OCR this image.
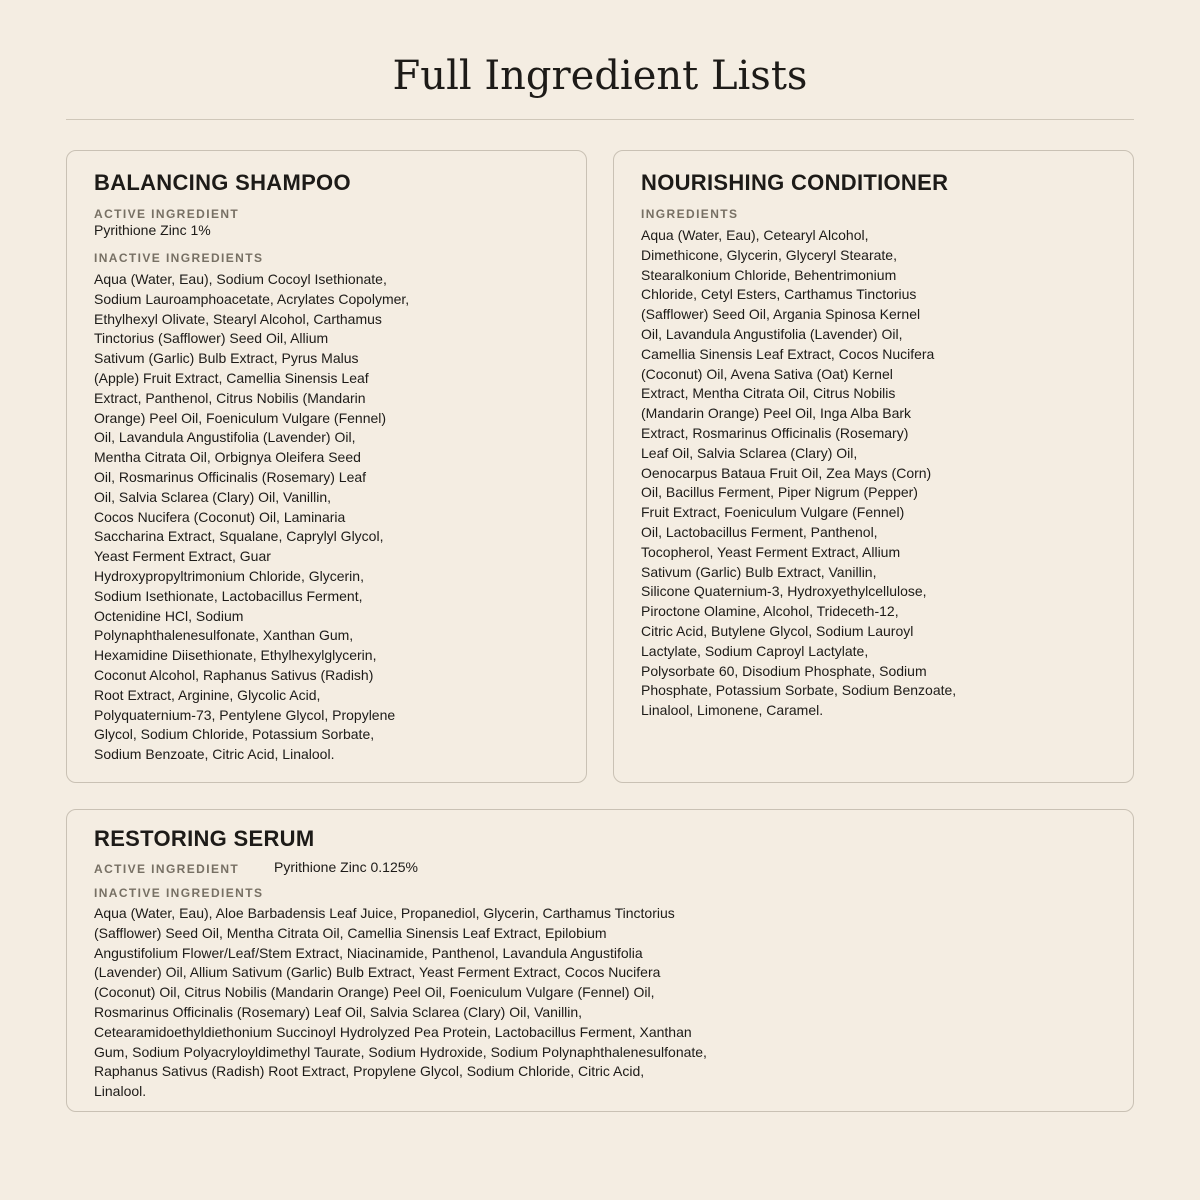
Full Ingredient Lists
BALANCING SHAMPOO
ACTIVE INGREDIENT
Pyrithione Zinc 1%
INACTIVE INGREDIENTS
Aqua (Water, Eau), Sodium Cocoyl Isethionate,
Sodium Lauroamphoacetate, Acrylates Copolymer,
Ethylhexyl Olivate, Stearyl Alcohol, Carthamus
Tinctorius (Safflower) Seed Oil, Allium
Sativum (Garlic) Bulb Extract, Pyrus Malus
(Apple) Fruit Extract, Camellia Sinensis Leaf
Extract, Panthenol, Citrus Nobilis (Mandarin
Orange) Peel Oil, Foeniculum Vulgare (Fennel)
Oil, Lavandula Angustifolia (Lavender) Oil,
Mentha Citrata Oil, Orbignya Oleifera Seed
Oil, Rosmarinus Officinalis (Rosemary) Leaf
Oil, Salvia Sclarea (Clary) Oil, Vanillin,
Cocos Nucifera (Coconut) Oil, Laminaria
Saccharina Extract, Squalane, Caprylyl Glycol,
Yeast Ferment Extract, Guar
Hydroxypropyltrimonium Chloride, Glycerin,
Sodium Isethionate, Lactobacillus Ferment,
Octenidine HCl, Sodium
Polynaphthalenesulfonate, Xanthan Gum,
Hexamidine Diisethionate, Ethylhexylglycerin,
Coconut Alcohol, Raphanus Sativus (Radish)
Root Extract, Arginine, Glycolic Acid,
Polyquaternium-73, Pentylene Glycol, Propylene
Glycol, Sodium Chloride, Potassium Sorbate,
Sodium Benzoate, Citric Acid, Linalool.
NOURISHING CONDITIONER
INGREDIENTS
Aqua (Water, Eau), Cetearyl Alcohol,
Dimethicone, Glycerin, Glyceryl Stearate,
Stearalkonium Chloride, Behentrimonium
Chloride, Cetyl Esters, Carthamus Tinctorius
(Safflower) Seed Oil, Argania Spinosa Kernel
Oil, Lavandula Angustifolia (Lavender) Oil,
Camellia Sinensis Leaf Extract, Cocos Nucifera
(Coconut) Oil, Avena Sativa (Oat) Kernel
Extract, Mentha Citrata Oil, Citrus Nobilis
(Mandarin Orange) Peel Oil, Inga Alba Bark
Extract, Rosmarinus Officinalis (Rosemary)
Leaf Oil, Salvia Sclarea (Clary) Oil,
Oenocarpus Bataua Fruit Oil, Zea Mays (Corn)
Oil, Bacillus Ferment, Piper Nigrum (Pepper)
Fruit Extract, Foeniculum Vulgare (Fennel)
Oil, Lactobacillus Ferment, Panthenol,
Tocopherol, Yeast Ferment Extract, Allium
Sativum (Garlic) Bulb Extract, Vanillin,
Silicone Quaternium-3, Hydroxyethylcellulose,
Piroctone Olamine, Alcohol, Trideceth-12,
Citric Acid, Butylene Glycol, Sodium Lauroyl
Lactylate, Sodium Caproyl Lactylate,
Polysorbate 60, Disodium Phosphate, Sodium
Phosphate, Potassium Sorbate, Sodium Benzoate,
Linalool, Limonene, Caramel.
RESTORING SERUM
ACTIVE INGREDIENT Pyrithione Zinc 0.125%
INACTIVE INGREDIENTS
Aqua (Water, Eau), Aloe Barbadensis Leaf Juice, Propanediol, Glycerin, Carthamus Tinctorius
(Safflower) Seed Oil, Mentha Citrata Oil, Camellia Sinensis Leaf Extract, Epilobium
Angustifolium Flower/Leaf/Stem Extract, Niacinamide, Panthenol, Lavandula Angustifolia
(Lavender) Oil, Allium Sativum (Garlic) Bulb Extract, Yeast Ferment Extract, Cocos Nucifera
(Coconut) Oil, Citrus Nobilis (Mandarin Orange) Peel Oil, Foeniculum Vulgare (Fennel) Oil,
Rosmarinus Officinalis (Rosemary) Leaf Oil, Salvia Sclarea (Clary) Oil, Vanillin,
Cetearamidoethyldiethonium Succinoyl Hydrolyzed Pea Protein, Lactobacillus Ferment, Xanthan
Gum, Sodium Polyacryloyldimethyl Taurate, Sodium Hydroxide, Sodium Polynaphthalenesulfonate,
Raphanus Sativus (Radish) Root Extract, Propylene Glycol, Sodium Chloride, Citric Acid,
Linalool.
